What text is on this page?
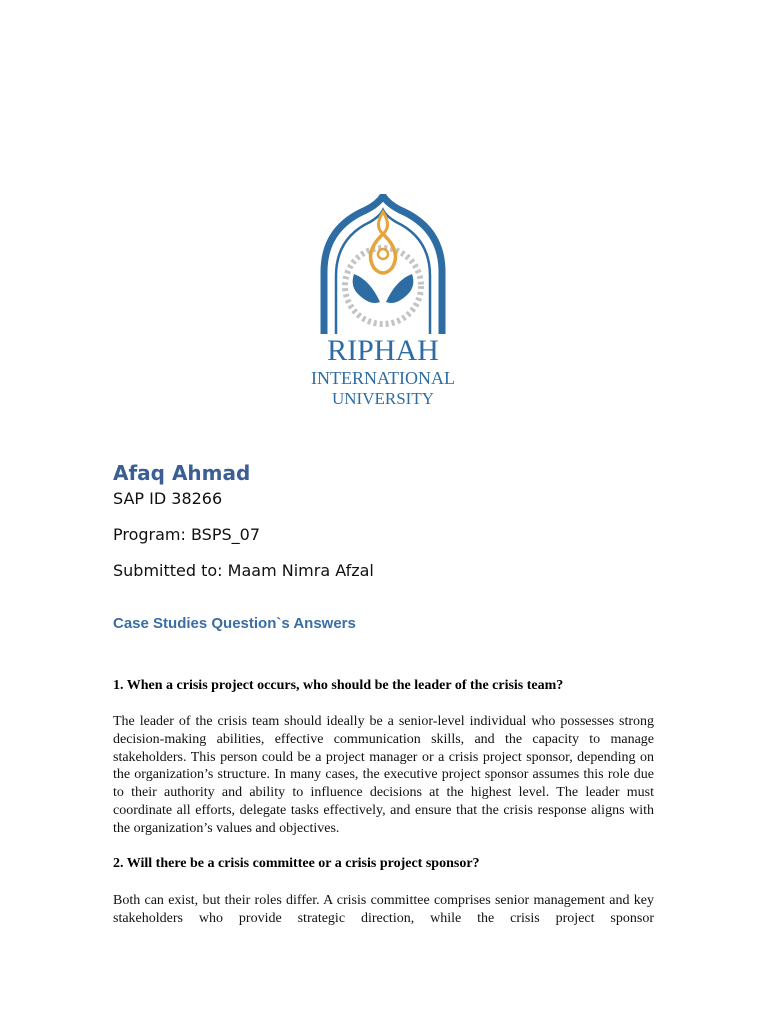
RIPHAH
INTERNATIONAL
UNIVERSITY
Afaq Ahmad

SAP ID 38266

Program: BSPS_07

Submitted to: Maam Nimra Afzal

Case Studies Question`s Answers

1. When a crisis project occurs, who should be the leader of the crisis team?

The leader of the crisis team should ideally be a senior-level individual who possesses strong decision-making abilities, effective communication skills, and the capacity to manage stakeholders. This person could be a project manager or a crisis project sponsor, depending on the organization’s structure. In many cases, the executive project sponsor assumes this role due to their authority and ability to influence decisions at the highest level. The leader must coordinate all efforts, delegate tasks effectively, and ensure that the crisis response aligns with the organization’s values and objectives.

2. Will there be a crisis committee or a crisis project sponsor?

Both can exist, but their roles differ. A crisis committee comprises senior management and key stakeholders who provide strategic direction, while the crisis project sponsor
